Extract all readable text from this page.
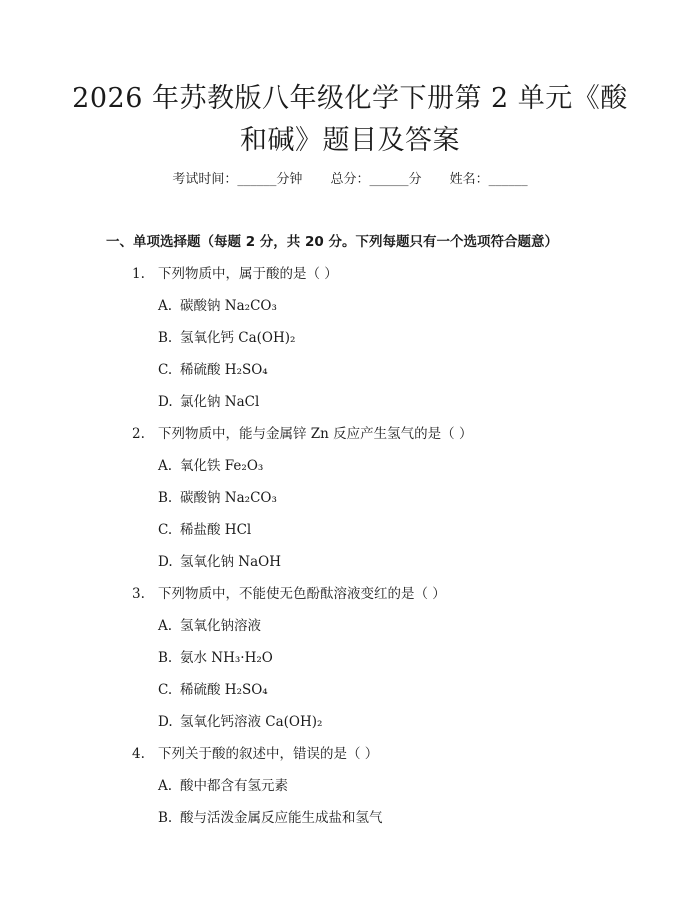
2026 年苏教版八年级化学下册第 2 单元《酸
和碱》题目及答案
考试时间：______分钟 总分：______分 姓名：______
一、单项选择题（每题 2 分，共 20 分。下列每题只有一个选项符合题意）
1. 下列物质中，属于酸的是（ ）
A. 碳酸钠 Na₂CO₃
B. 氢氧化钙 Ca(OH)₂
C. 稀硫酸 H₂SO₄
D. 氯化钠 NaCl
2. 下列物质中，能与金属锌 Zn 反应产生氢气的是（ ）
A. 氧化铁 Fe₂O₃
B. 碳酸钠 Na₂CO₃
C. 稀盐酸 HCl
D. 氢氧化钠 NaOH
3. 下列物质中，不能使无色酚酞溶液变红的是（ ）
A. 氢氧化钠溶液
B. 氨水 NH₃·H₂O
C. 稀硫酸 H₂SO₄
D. 氢氧化钙溶液 Ca(OH)₂
4. 下列关于酸的叙述中，错误的是（ ）
A. 酸中都含有氢元素
B. 酸与活泼金属反应能生成盐和氢气
